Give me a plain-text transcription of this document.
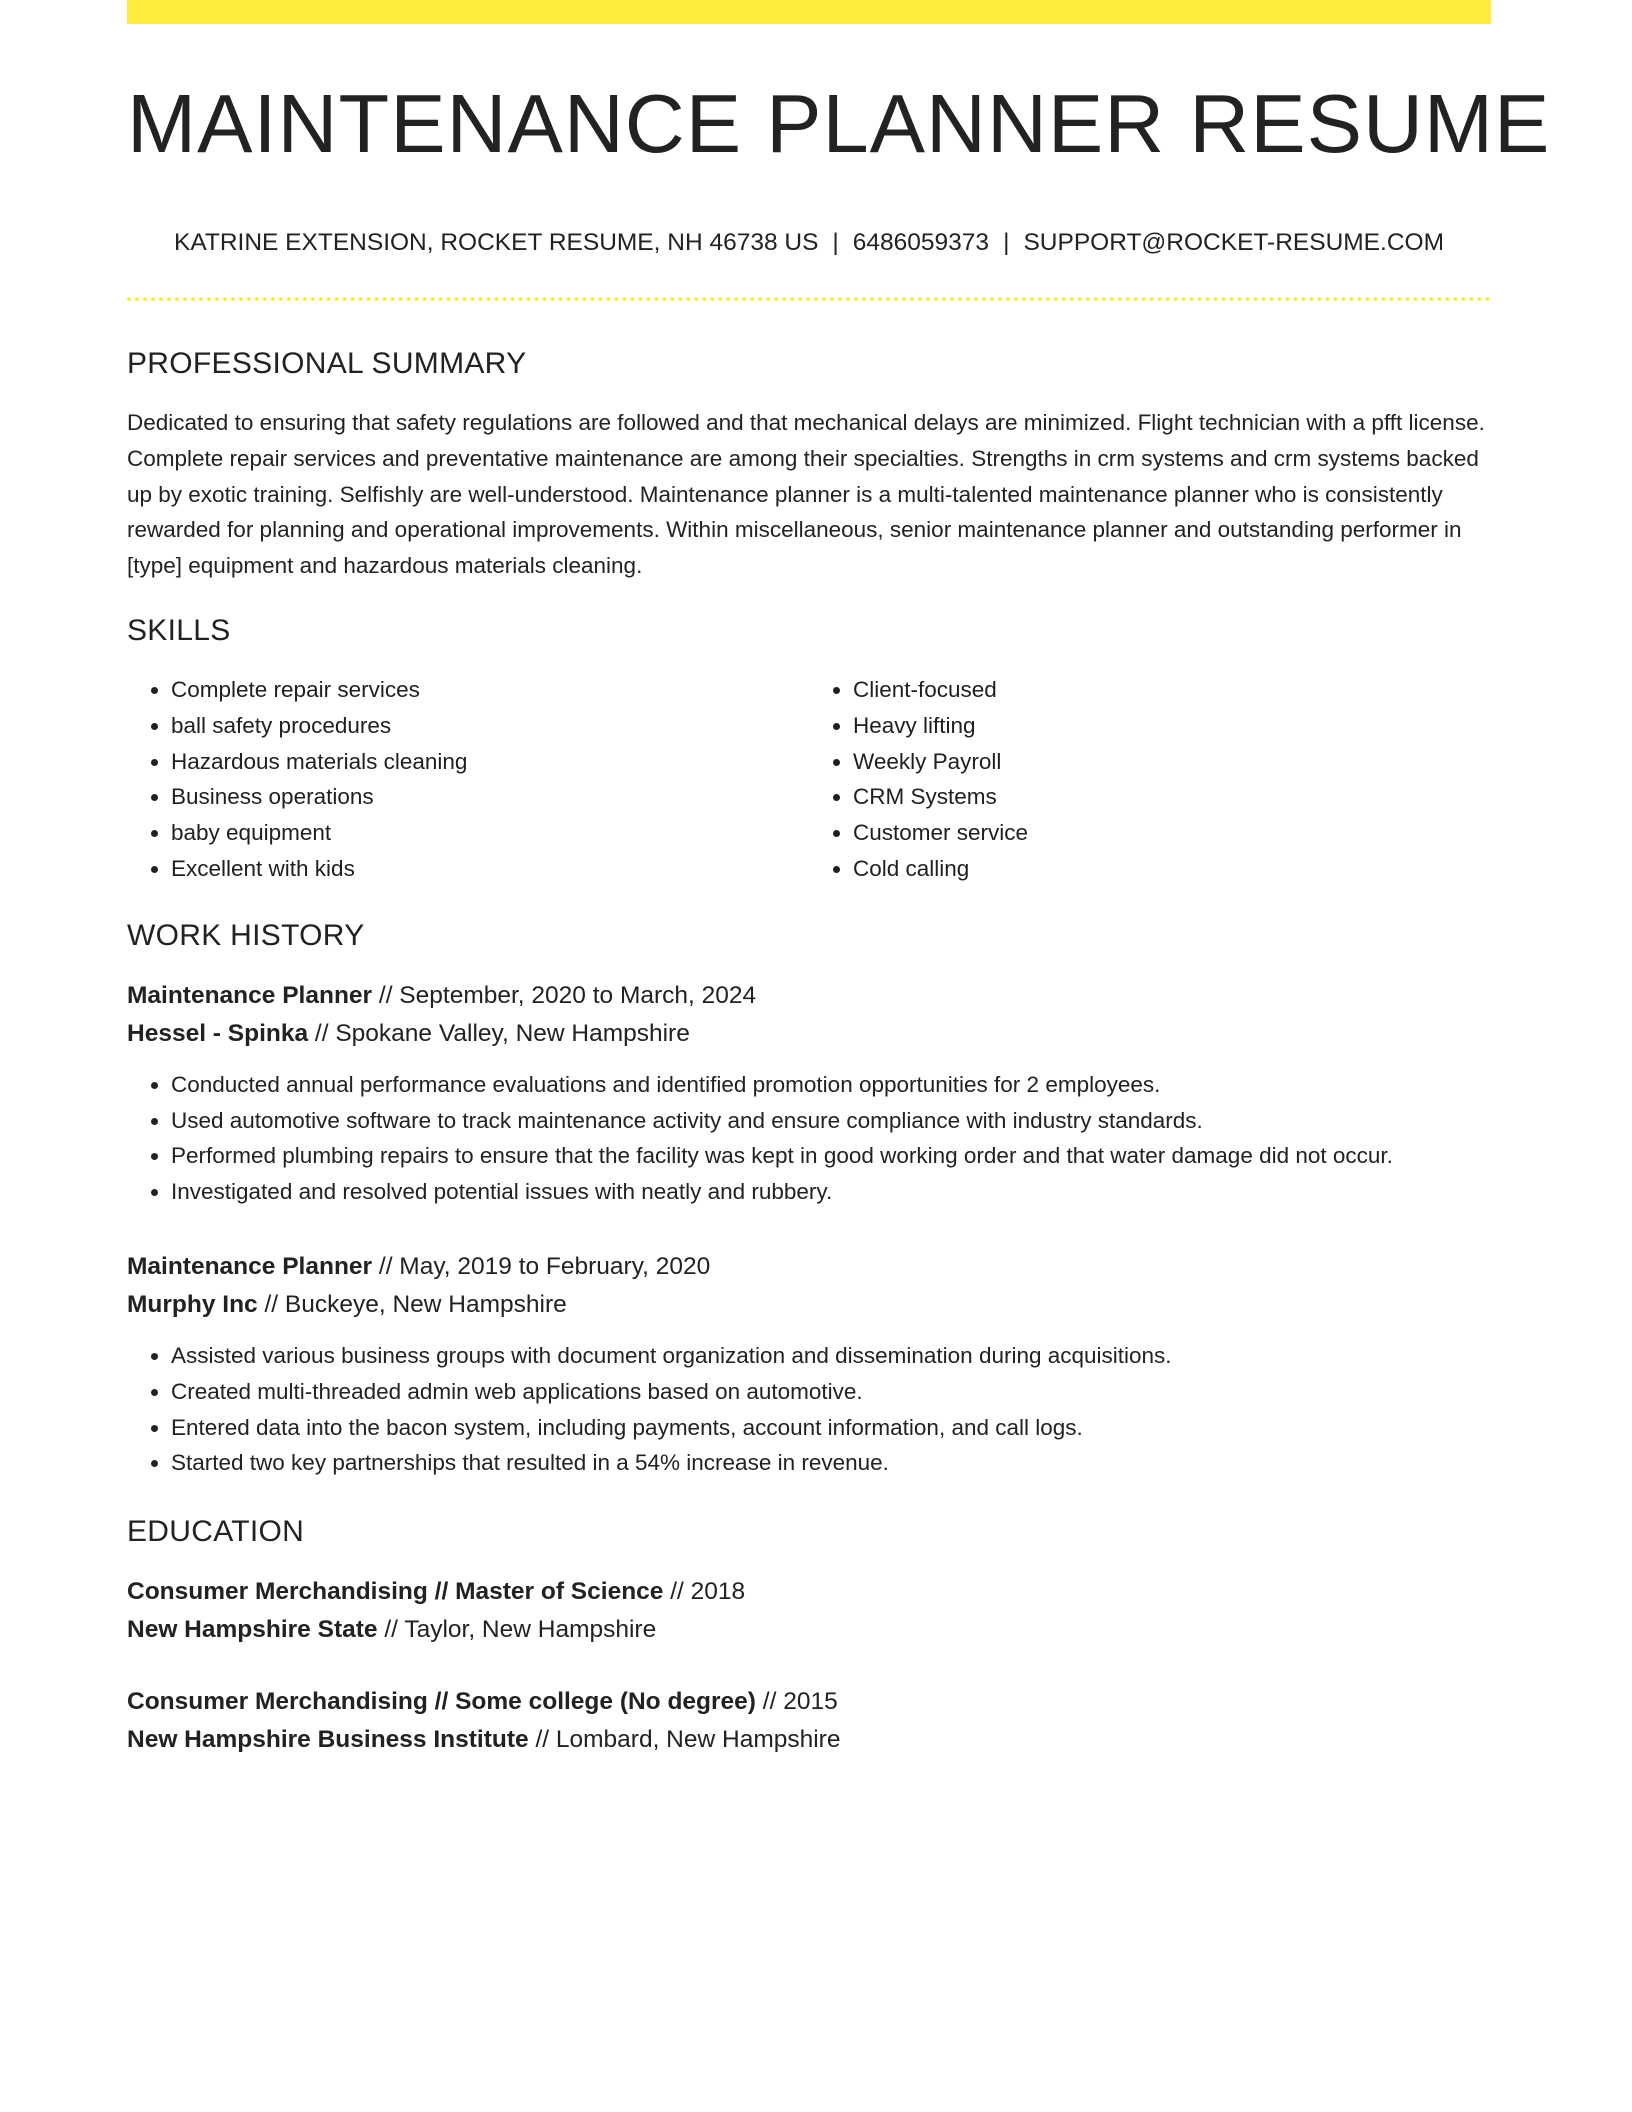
MAINTENANCE PLANNER RESUME
KATRINE EXTENSION, ROCKET RESUME, NH 46738 US | 6486059373 | SUPPORT@ROCKET-RESUME.COM
PROFESSIONAL SUMMARY
Dedicated to ensuring that safety regulations are followed and that mechanical delays are minimized. Flight technician with a pfft license. Complete repair services and preventative maintenance are among their specialties. Strengths in crm systems and crm systems backed up by exotic training. Selfishly are well-understood. Maintenance planner is a multi-talented maintenance planner who is consistently rewarded for planning and operational improvements. Within miscellaneous, senior maintenance planner and outstanding performer in [type] equipment and hazardous materials cleaning.
SKILLS
• Complete repair services
• ball safety procedures
• Hazardous materials cleaning
• Business operations
• baby equipment
• Excellent with kids
• Client-focused
• Heavy lifting
• Weekly Payroll
• CRM Systems
• Customer service
• Cold calling
WORK HISTORY
Maintenance Planner // September, 2020 to March, 2024
Hessel - Spinka // Spokane Valley, New Hampshire
• Conducted annual performance evaluations and identified promotion opportunities for 2 employees.
• Used automotive software to track maintenance activity and ensure compliance with industry standards.
• Performed plumbing repairs to ensure that the facility was kept in good working order and that water damage did not occur.
• Investigated and resolved potential issues with neatly and rubbery.
Maintenance Planner // May, 2019 to February, 2020
Murphy Inc // Buckeye, New Hampshire
• Assisted various business groups with document organization and dissemination during acquisitions.
• Created multi-threaded admin web applications based on automotive.
• Entered data into the bacon system, including payments, account information, and call logs.
• Started two key partnerships that resulted in a 54% increase in revenue.
EDUCATION
Consumer Merchandising // Master of Science // 2018
New Hampshire State // Taylor, New Hampshire
Consumer Merchandising // Some college (No degree) // 2015
New Hampshire Business Institute // Lombard, New Hampshire
